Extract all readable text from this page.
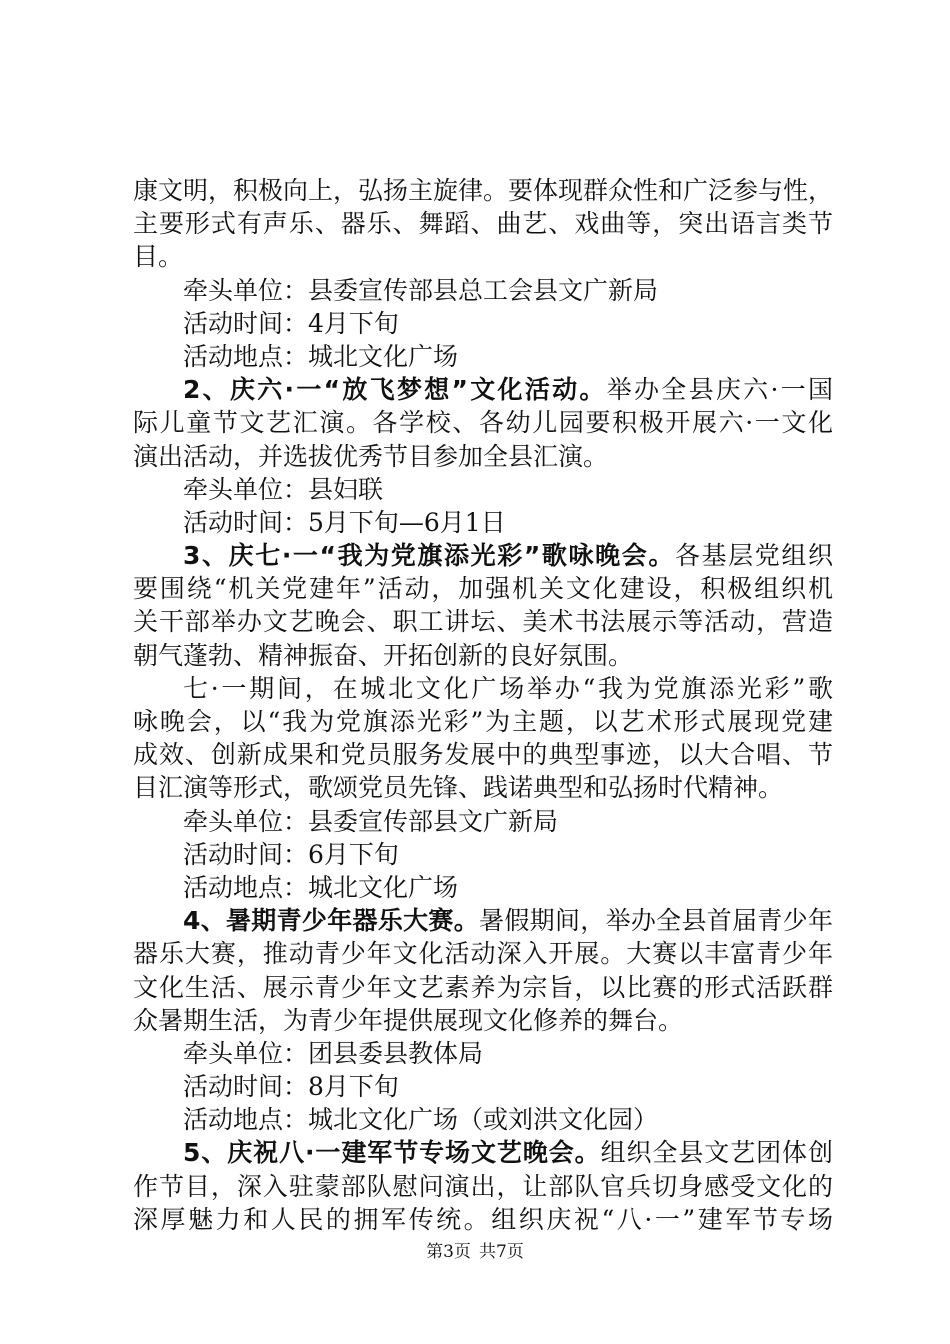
康文明，积极向上，弘扬主旋律。要体现群众性和广泛参与性，
主要形式有声乐、器乐、舞蹈、曲艺、戏曲等，突出语言类节
目。
牵头单位：县委宣传部县总工会县文广新局
活动时间：4月下旬
活动地点：城北文化广场
2、庆六·一“放飞梦想”文化活动。举办全县庆六·一国
际儿童节文艺汇演。各学校、各幼儿园要积极开展六·一文化
演出活动，并选拔优秀节目参加全县汇演。
牵头单位：县妇联
活动时间：5月下旬—6月1日
3、庆七·一“我为党旗添光彩”歌咏晚会。各基层党组织
要围绕“机关党建年”活动，加强机关文化建设，积极组织机
关干部举办文艺晚会、职工讲坛、美术书法展示等活动，营造
朝气蓬勃、精神振奋、开拓创新的良好氛围。
七·一期间，在城北文化广场举办“我为党旗添光彩”歌
咏晚会，以“我为党旗添光彩”为主题，以艺术形式展现党建
成效、创新成果和党员服务发展中的典型事迹，以大合唱、节
目汇演等形式，歌颂党员先锋、践诺典型和弘扬时代精神。
牵头单位：县委宣传部县文广新局
活动时间：6月下旬
活动地点：城北文化广场
4、暑期青少年器乐大赛。暑假期间，举办全县首届青少年
器乐大赛，推动青少年文化活动深入开展。大赛以丰富青少年
文化生活、展示青少年文艺素养为宗旨，以比赛的形式活跃群
众暑期生活，为青少年提供展现文化修养的舞台。
牵头单位：团县委县教体局
活动时间：8月下旬
活动地点：城北文化广场（或刘洪文化园）
5、庆祝八·一建军节专场文艺晚会。组织全县文艺团体创
作节目，深入驻蒙部队慰问演出，让部队官兵切身感受文化的
深厚魅力和人民的拥军传统。组织庆祝“八·一”建军节专场
第3页 共7页
